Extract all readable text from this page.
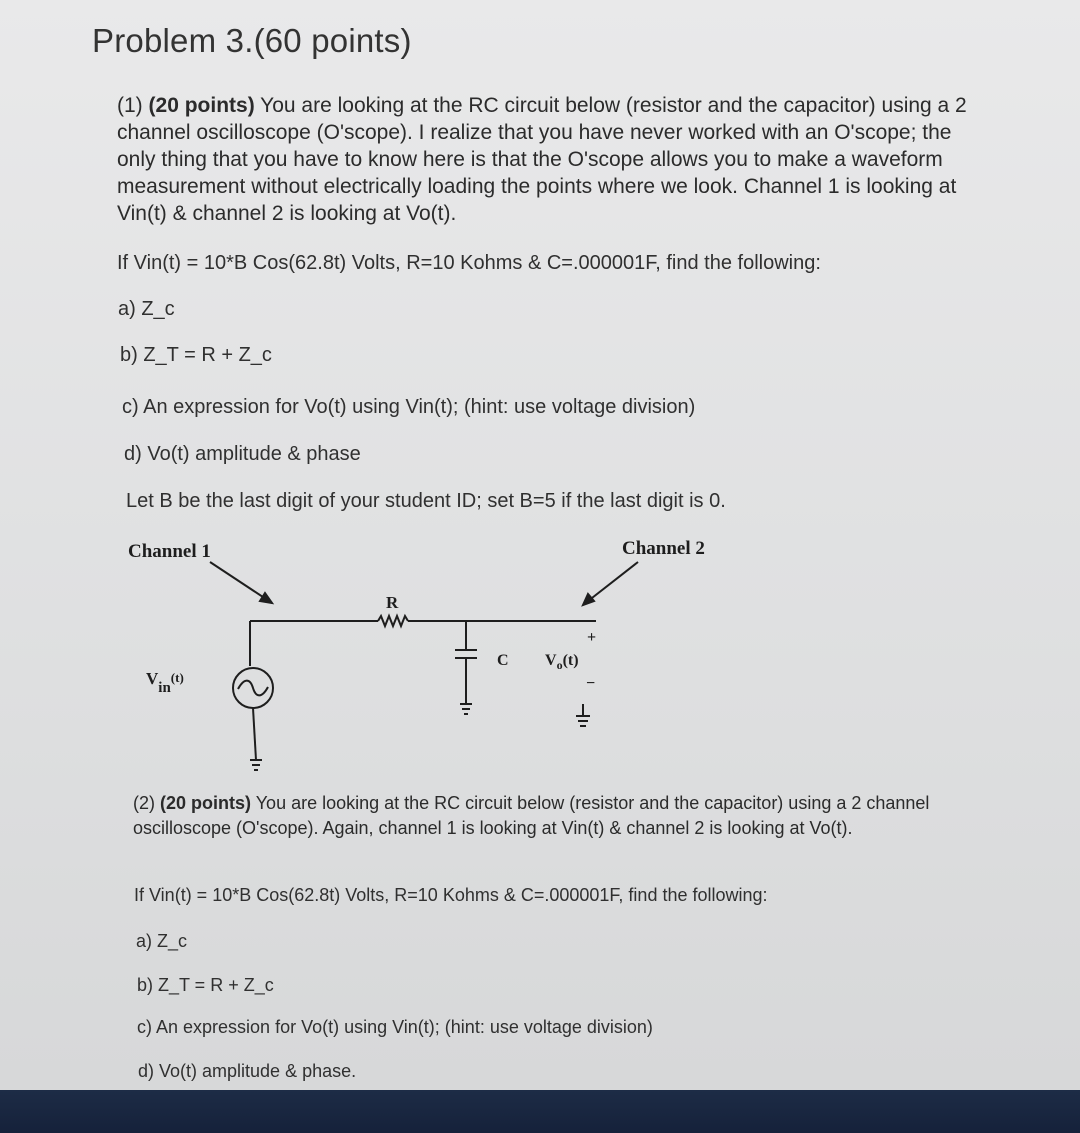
Problem 3.(60 points)

(1) (20 points) You are looking at the RC circuit below (resistor and the capacitor) using a 2 channel oscilloscope (O'scope). I realize that you have never worked with an O'scope; the only thing that you have to know here is that the O'scope allows you to make a waveform measurement without electrically loading the points where we look. Channel 1 is looking at Vin(t) & channel 2 is looking at Vo(t).

If Vin(t) = 10*B Cos(62.8t) Volts, R=10 Kohms & C=.000001F, find the following:
a) Z_c
b) Z_T = R + Z_c
c) An expression for Vo(t) using Vin(t); (hint: use voltage division)
d) Vo(t) amplitude & phase
Let B be the last digit of your student ID; set B=5 if the last digit is 0.
Channel 1	Channel 2
R
C
+
−
Vin$^{(t)}$
$V_o(t)$

(2) (20 points) You are looking at the RC circuit below (resistor and the capacitor) using a 2 channel oscilloscope (O'scope). Again, channel 1 is looking at Vin(t) & channel 2 is looking at Vo(t).

If Vin(t) = 10*B Cos(62.8t) Volts, R=10 Kohms & C=.000001F, find the following:
a) Z_c
b) Z_T = R + Z_c
c) An expression for Vo(t) using Vin(t); (hint: use voltage division)
d) Vo(t) amplitude & phase.
